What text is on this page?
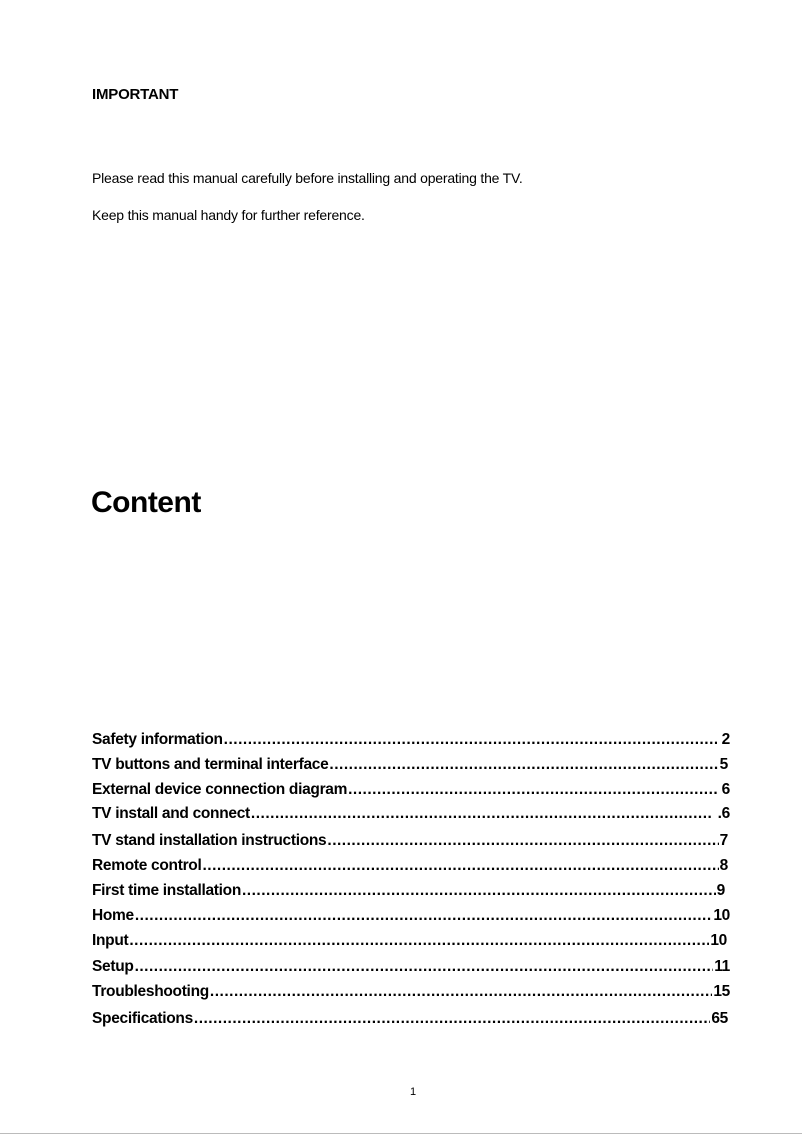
IMPORTANT
Please read this manual carefully before installing and operating the TV.
Keep this manual handy for further reference.
Content
Safety information .....	2
TV buttons and terminal interface .....	5
External device connection diagram .....	6
TV install and connect .....	.6
TV stand installation instructions .....	7
Remote control .....	8
First time installation .....	9
Home .....	10
Input .....	10
Setup .....	11
Troubleshooting .....	15
Specifications .....	65
1
